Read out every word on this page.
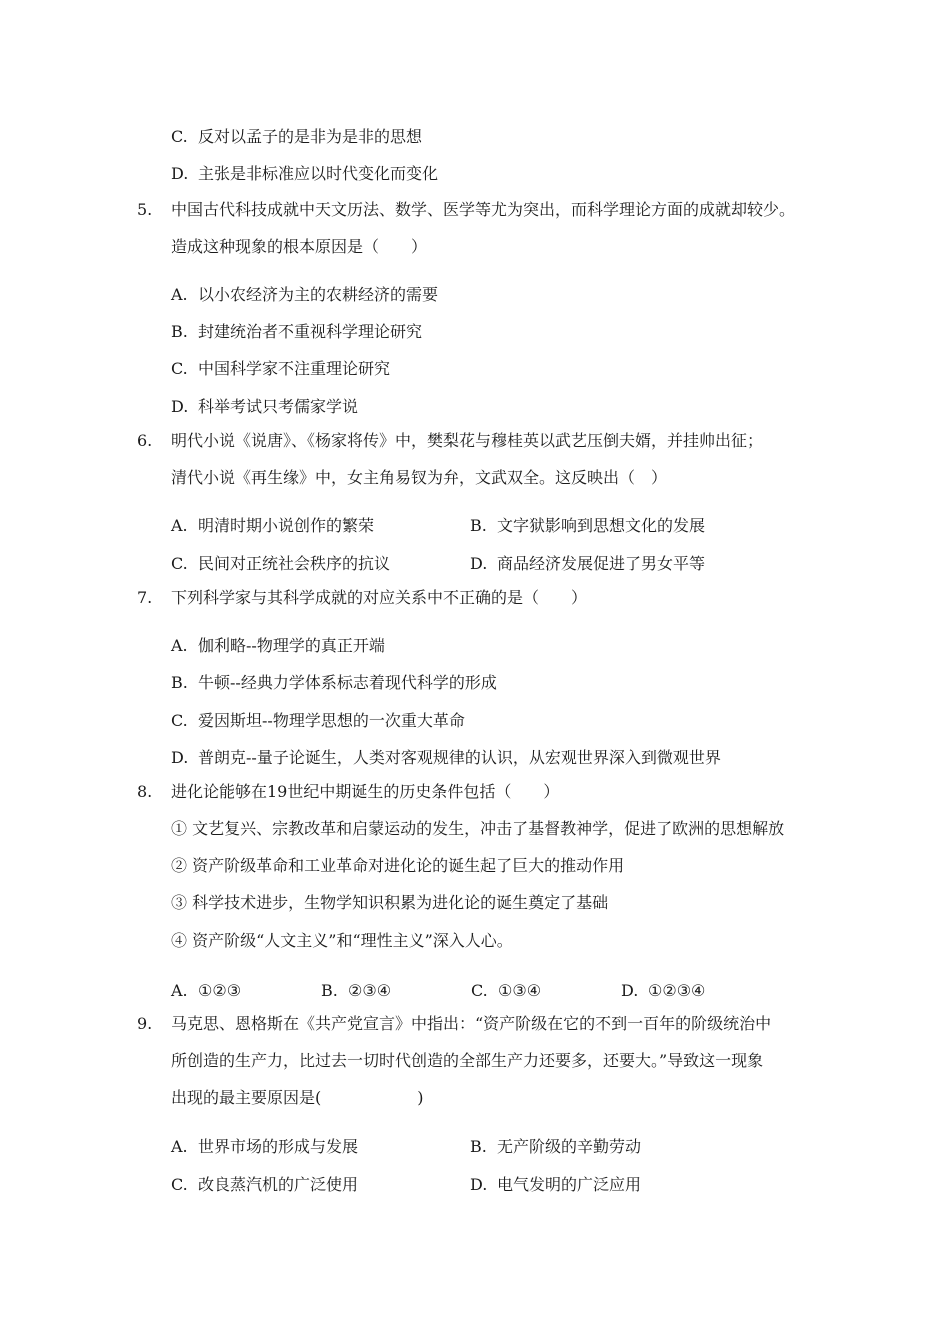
C. 反对以孟子的是非为是非的思想
D. 主张是非标准应以时代变化而变化
5. 中国古代科技成就中天文历法、数学、医学等尤为突出，而科学理论方面的成就却较少。
造成这种现象的根本原因是（　　）
A. 以小农经济为主的农耕经济的需要
B. 封建统治者不重视科学理论研究
C. 中国科学家不注重理论研究
D. 科举考试只考儒家学说
6. 明代小说《说唐》、《杨家将传》中，樊梨花与穆桂英以武艺压倒夫婿，并挂帅出征；
清代小说《再生缘》中，女主角易钗为弁，文武双全。这反映出（　）
A. 明清时期小说创作的繁荣	B. 文字狱影响到思想文化的发展
C. 民间对正统社会秩序的抗议	D. 商品经济发展促进了男女平等
7. 下列科学家与其科学成就的对应关系中不正确的是（　　）
A. 伽利略--物理学的真正开端
B. 牛顿--经典力学体系标志着现代科学的形成
C. 爱因斯坦--物理学思想的一次重大革命
D. 普朗克--量子论诞生，人类对客观规律的认识，从宏观世界深入到微观世界
8. 进化论能够在19世纪中期诞生的历史条件包括（　　）
① 文艺复兴、宗教改革和启蒙运动的发生，冲击了基督教神学，促进了欧洲的思想解放
② 资产阶级革命和工业革命对进化论的诞生起了巨大的推动作用
③ 科学技术进步，生物学知识积累为进化论的诞生奠定了基础
④ 资产阶级“人文主义”和“理性主义”深入人心。
A. ①②③	B. ②③④	C. ①③④	D. ①②③④
9. 马克思、恩格斯在《共产党宣言》中指出：“资产阶级在它的不到一百年的阶级统治中
所创造的生产力，比过去一切时代创造的全部生产力还要多，还要大。”导致这一现象
出现的最主要原因是(　　　　　　)
A. 世界市场的形成与发展	B. 无产阶级的辛勤劳动
C. 改良蒸汽机的广泛使用	D. 电气发明的广泛应用
